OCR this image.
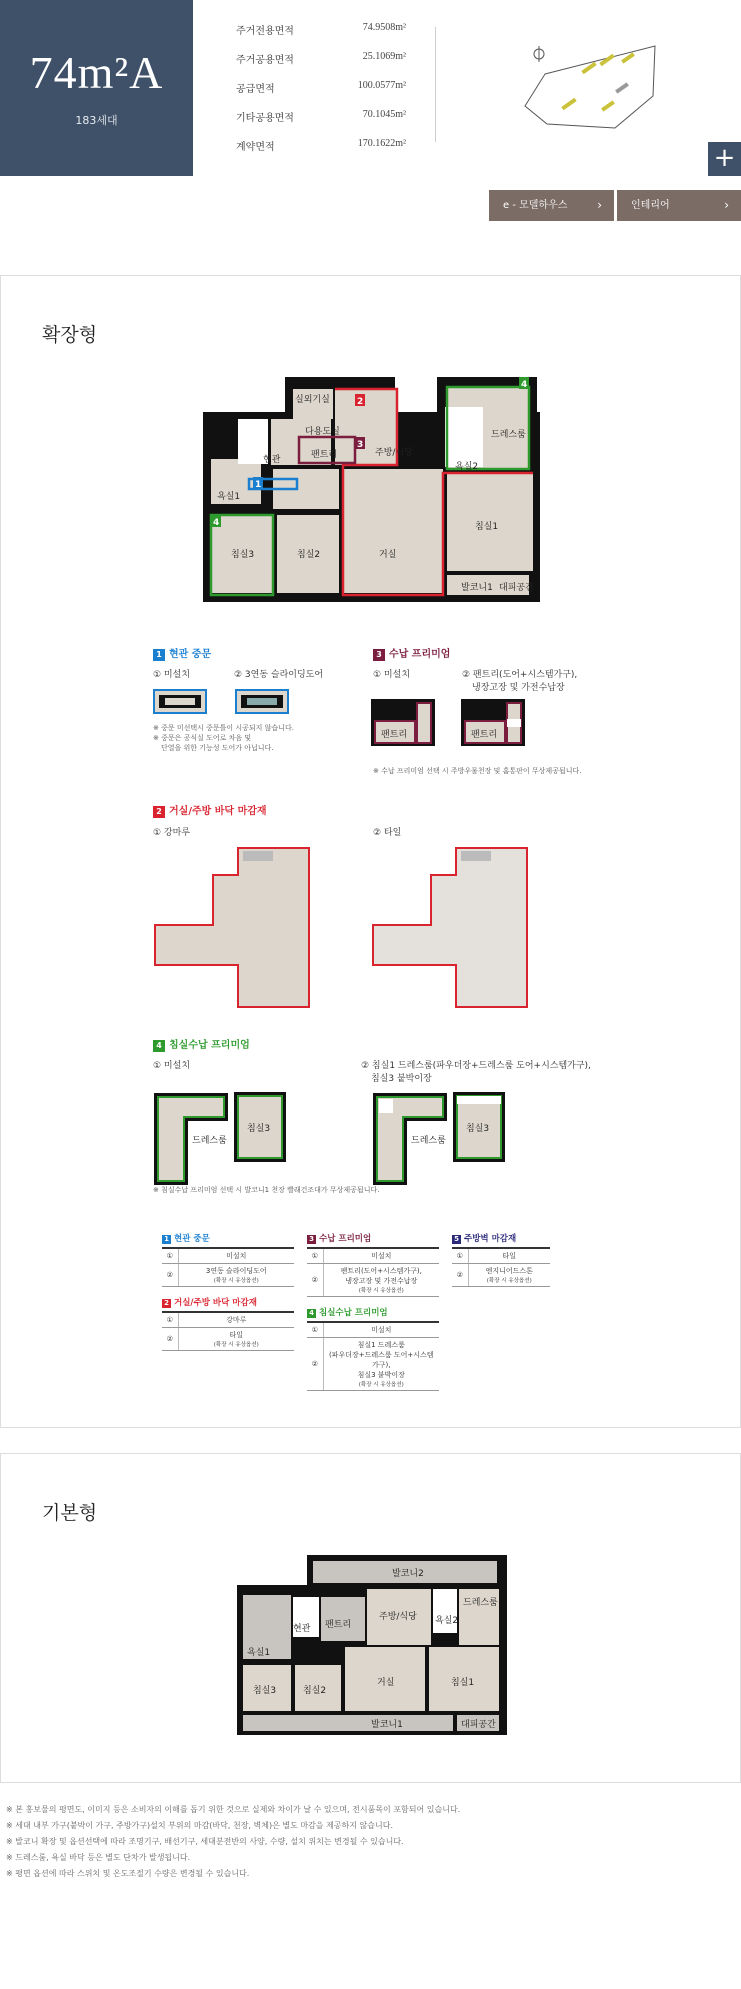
74m²A
183세대
주거전용면적	74.9508m²
주거공용면적	25.1069m²
공급면적	100.0577m²
기타공용면적	70.1045m²
계약면적	170.1622m²	+
e - 모델하우스 ›	인테리어	›
확장형
1
2
3
4
4
실외기실
다용도실
팬트리	주방/식당
현관
욕실1
욕실2
드레스룸
침실1
침실2
침실3	거실
발코니1 대피공간
1 현관 중문
① 미설치	② 3연동 슬라이딩도어
※ 중문 미선택시 중문틀이 시공되지 않습니다.
※ 중문은 공식실 도어로 차음 및
단열을 위한 기능성 도어가 아닙니다.
3 수납 프리미엄
① 미설치	② 팬트리(도어+시스템가구),
냉장고장 및 가전수납장
팬트리	팬트리
※ 수납 프리미엄 선택 시 주방우물천장 및 홈통판이 무상제공됩니다.
2 거실/주방 바닥 마감재
① 강마루	② 타일
4 침실수납 프리미엄
① 미설치	② 침실1 드레스룸(파우더장+드레스룸 도어+시스템가구),
침실3 붙박이장
드레스룸
침실3
드레스룸
침실3
※ 침실수납 프리미엄 선택 시 발코니1 천장 빨래건조대가 무상제공됩니다.
1 현관 중문
①	미설치
②	3연동 슬라이딩도어
(확장 시 유상옵션)
2 거실/주방 바닥 마감재
①	강마루
②	타일
(확장 시 유상옵션)
3 수납 프리미엄
①	미설치
②	팬트리(도어+시스템가구),
냉장고장 및 가전수납장
(확장 시 유상옵션)
4 침실수납 프리미엄
①	미설치
②	침실1 드레스룸
(파우더장+드레스룸 도어+시스템가구),
침실3 붙박이장
(확장 시 유상옵션)
5 주방벽 마감재
①	타일
②	엔지니어드스톤
(확장 시 유상옵션)
기본형
발코니2
드레스룸
주방/식당 욕실2
현관 팬트리
욕실1
침실3	침실2
거실	침실1
발코니1	대피공간
※ 본 홍보물의 평면도, 이미지 등은 소비자의 이해를 돕기 위한 것으로 실제와 차이가 날 수 있으며, 전시품목이 포함되어 있습니다.
※ 세대 내부 가구(붙박이 가구, 주방가구)설치 부위의 마감(바닥, 천장, 벽체)은 별도 마감을 제공하지 않습니다.
※ 발코니 확장 및 옵션선택에 따라 조명기구, 배선기구, 세대분전반의 사양, 수량, 설치 위치는 변경될 수 있습니다.
※ 드레스룸, 욕실 바닥 등은 별도 단차가 발생됩니다.
※ 평면 옵션에 따라 스위치 및 온도조절기 수량은 변경될 수 있습니다.
